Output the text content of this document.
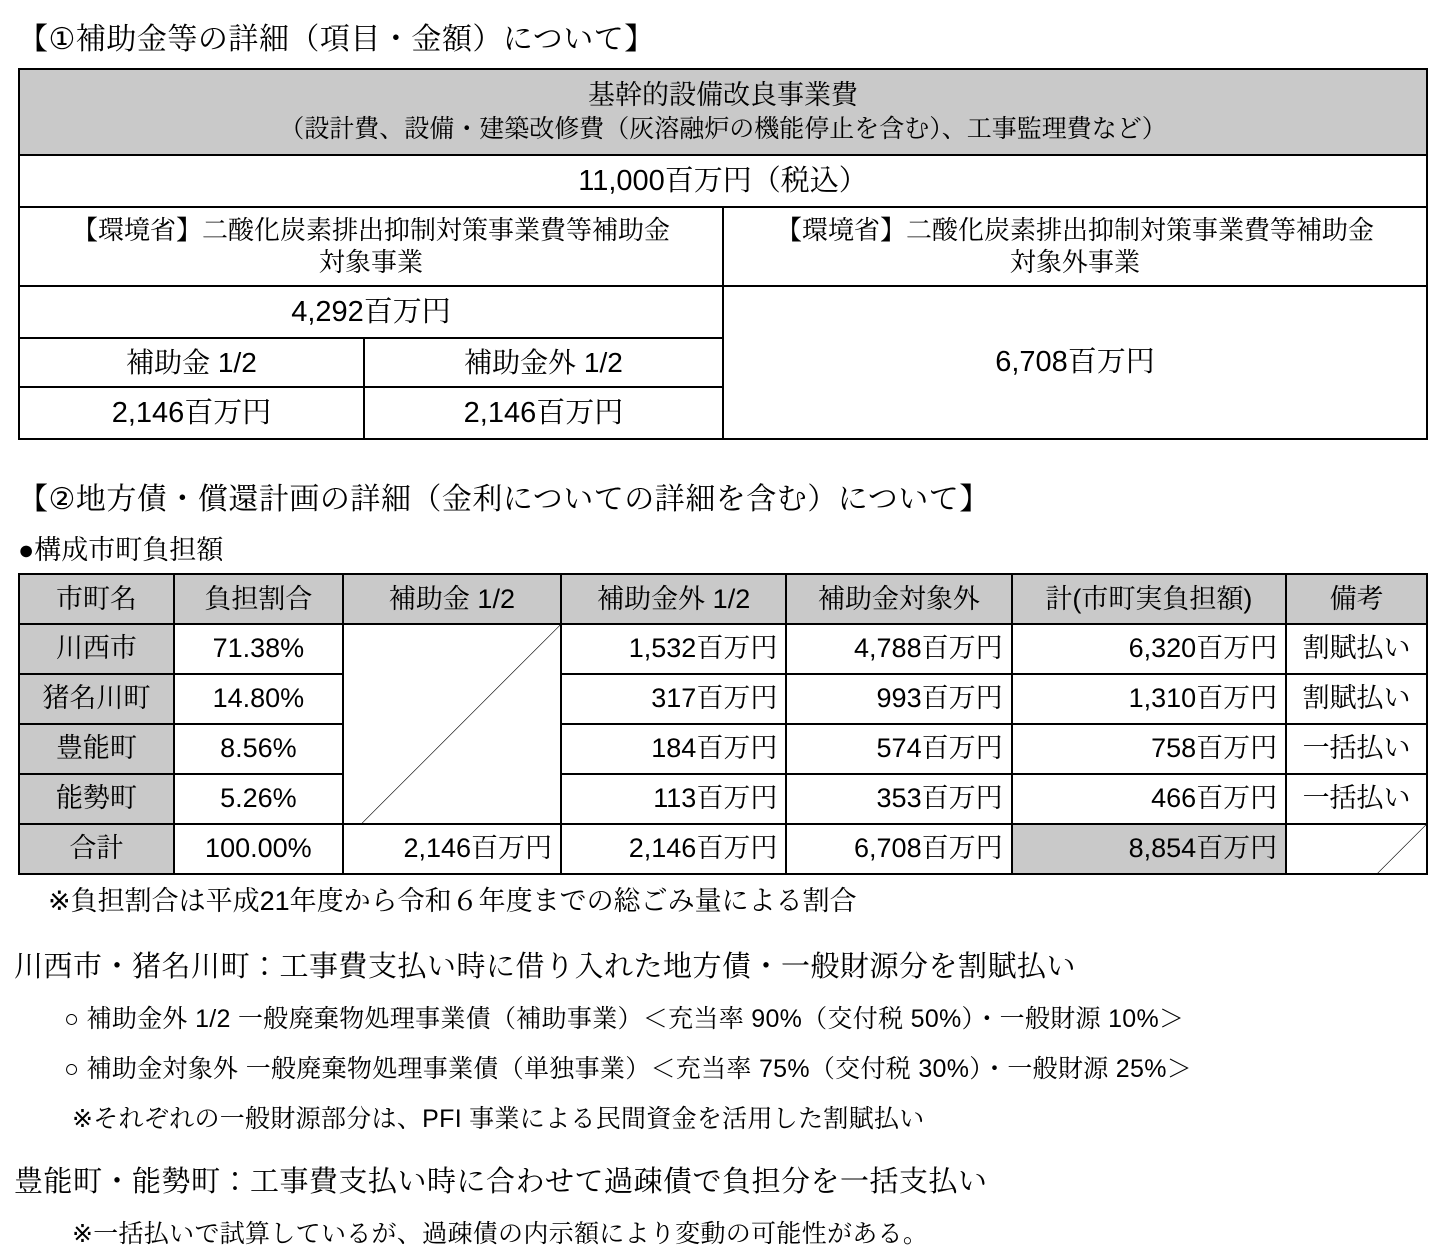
【①補助金等の詳細（項目・金額）について】
基幹的設備改良事業費
（設計費、設備・建築改修費（灰溶融炉の機能停止を含む）、工事監理費など）		

11,000百万円（税込）		

【環境省】二酸化炭素排出抑制対策事業費等補助金
対象事業

【環境省】二酸化炭素排出抑制対策事業費等補助金
対象外事業

4,292百万円		6,708百万円
補助金 1/2	補助金外 1/2	
2,146百万円	2,146百万円	
【②地方債・償還計画の詳細（金利についての詳細を含む）について】
●構成市町負担額
市町名	負担割合	補助金 1/2	補助金外 1/2	補助金対象外	計(市町実負担額)	備考
川西市	71.38%		1,532百万円	4,788百万円	6,320百万円	割賦払い
猪名川町	14.80%		317百万円	993百万円	1,310百万円	割賦払い
豊能町	8.56%		184百万円	574百万円	758百万円	一括払い
能勢町	5.26%		113百万円	353百万円	466百万円	一括払い
合計	100.00%	2,146百万円	2,146百万円	6,708百万円	8,854百万円	
※負担割合は平成21年度から令和６年度までの総ごみ量による割合
川西市・猪名川町：工事費支払い時に借り入れた地方債・一般財源分を割賦払い
○ 補助金外 1/2 一般廃棄物処理事業債（補助事業）＜充当率 90%（交付税 50%）・一般財源 10%＞
○ 補助金対象外 一般廃棄物処理事業債（単独事業）＜充当率 75%（交付税 30%）・一般財源 25%＞
※それぞれの一般財源部分は、PFI 事業による民間資金を活用した割賦払い
豊能町・能勢町：工事費支払い時に合わせて過疎債で負担分を一括支払い
※一括払いで試算しているが、過疎債の内示額により変動の可能性がある。
